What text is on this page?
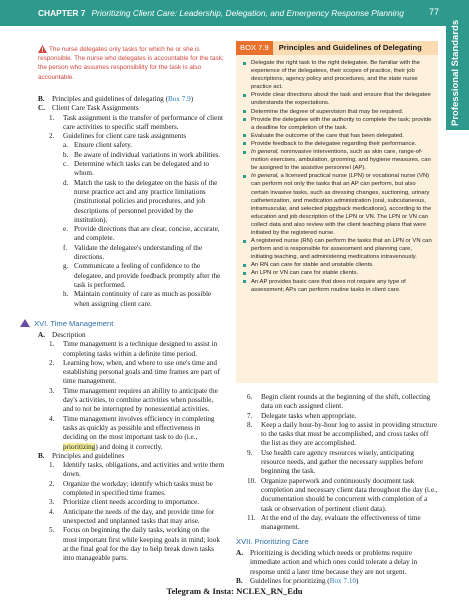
CHAPTER 7 Prioritizing Client Care: Leadership, Delegation, and Emergency Response Planning	77
Professional Standards
The nurse delegates only tasks for which he or she is responsible. The nurse who delegates is accountable for the task; the person who assumes responsibility for the task is also accountable.

B. Principles and guidelines of delegating (Box 7.9)

C. Client Care Task Assignments

1. Task assignment is the transfer of performance of client care activities to specific staff members.

2. Guidelines for client care task assignments

a. Ensure client safety.

b. Be aware of individual variations in work abilities.

c. Determine which tasks can be delegated and to whom.

d. Match the task to the delegatee on the basis of the nurse practice act and any practice limitations (institutional policies and procedures, and job descriptions of personnel provided by the institution).

e. Provide directions that are clear, concise, accurate, and complete.

f. Validate the delegatee's understanding of the directions.

g. Communicate a feeling of confidence to the delegatee, and provide feedback promptly after the task is performed.

h. Maintain continuity of care as much as possible when assigning client care.

XVI. Time Management

A. Description

1. Time management is a technique designed to assist in completing tasks within a definite time period.

2. Learning how, when, and where to use one's time and establishing personal goals and time frames are part of time management.

3. Time management requires an ability to anticipate the day's activities, to combine activities when possible, and to not be interrupted by nonessential activities.

4. Time management involves efficiency in completing tasks as quickly as possible and effectiveness in deciding on the most important task to do (i.e., prioritizing) and doing it correctly.

B. Principles and guidelines

1. Identify tasks, obligations, and activities and write them down.

2. Organize the workday; identify which tasks must be completed in specified time frames.

3. Prioritize client needs according to importance.

4. Anticipate the needs of the day, and provide time for unexpected and unplanned tasks that may arise.

5. Focus on beginning the daily tasks, working on the most important first while keeping goals in mind; look at the final goal for the day to help break down tasks into manageable parts.

BOX 7.9 Principles and Guidelines of Delegating
Delegate the right task to the right delegatee. Be familiar with the experience of the delegatees, their scopes of practice, their job descriptions, agency policy and procedures, and the state nurse practice act.
Provide clear directions about the task and ensure that the delegatee understands the expectations.
Determine the degree of supervision that may be required.
Provide the delegatee with the authority to complete the task; provide a deadline for completion of the task.
Evaluate the outcome of the care that has been delegated.
Provide feedback to the delegatee regarding their performance.
In general, noninvasive interventions, such as skin care, range-of-motion exercises, ambulation, grooming, and hygiene measures, can be assigned to the assistive personnel (AP).
In general, a licensed practical nurse (LPN) or vocational nurse (VN) can perform not only the tasks that an AP can perform, but also certain invasive tasks, such as dressing changes, suctioning, urinary catheterization, and medication administration (oral, subcutaneous, intramuscular, and selected piggyback medications), according to the education and job description of the LPN or VN. The LPN or VN can collect data and also review with the client teaching plans that were initiated by the registered nurse.
A registered nurse (RN) can perform the tasks that an LPN or VN can perform and is responsible for assessment and planning care, initiating teaching, and administering medications intravenously.
An RN can care for stable and unstable clients.
An LPN or VN can care for stable clients.
An AP provides basic care that does not require any type of assessment; APs can perform routine tasks in client care.

6. Begin client rounds at the beginning of the shift, collecting data on each assigned client.

7. Delegate tasks when appropriate.

8. Keep a daily hour-by-hour log to assist in providing structure to the tasks that must be accomplished, and cross tasks off the list as they are accomplished.

9. Use health care agency resources wisely, anticipating resource needs, and gather the necessary supplies before beginning the task.

10. Organize paperwork and continuously document task completion and necessary client data throughout the day (i.e., documentation should be concurrent with completion of a task or observation of pertinent client data).

11. At the end of the day, evaluate the effectiveness of time management.

XVII. Prioritizing Care

A. Prioritizing is deciding which needs or problems require immediate action and which ones could tolerate a delay in response until a later time because they are not urgent.

B. Guidelines for prioritizing (Box 7.10)

Telegram & Insta: NCLEX_RN_Edu
